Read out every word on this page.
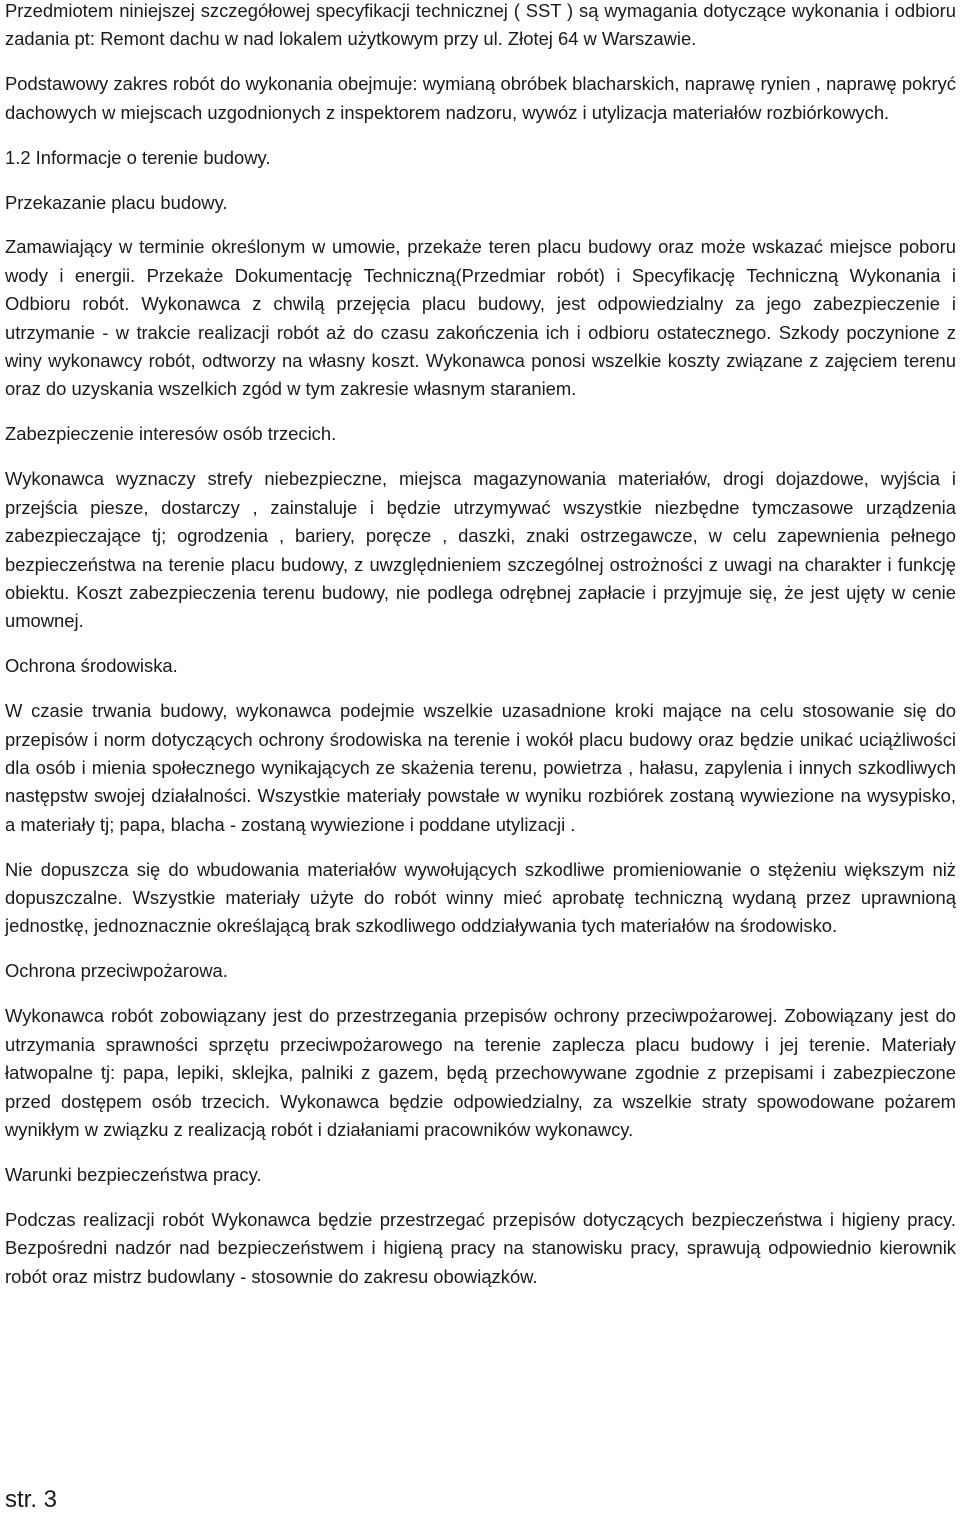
Przedmiotem niniejszej szczegółowej specyfikacji technicznej ( SST ) są wymagania dotyczące wykonania i odbioru zadania pt: Remont dachu w nad lokalem użytkowym przy ul. Złotej 64 w Warszawie.

Podstawowy zakres robót do wykonania obejmuje: wymianą obróbek blacharskich, naprawę rynien , naprawę pokryć dachowych w miejscach uzgodnionych z inspektorem nadzoru, wywóz i utylizacja materiałów rozbiórkowych.

1.2 Informacje o terenie budowy.

Przekazanie placu budowy.

Zamawiający w terminie określonym w umowie, przekaże teren placu budowy oraz może wskazać miejsce poboru wody i energii. Przekaże Dokumentację Techniczną(Przedmiar robót) i Specyfikację Techniczną Wykonania i Odbioru robót. Wykonawca z chwilą przejęcia placu budowy, jest odpowiedzialny za jego zabezpieczenie i utrzymanie - w trakcie realizacji robót aż do czasu zakończenia ich i odbioru ostatecznego. Szkody poczynione z winy wykonawcy robót, odtworzy na własny koszt. Wykonawca ponosi wszelkie koszty związane z zajęciem terenu oraz do uzyskania wszelkich zgód w tym zakresie własnym staraniem.

Zabezpieczenie interesów osób trzecich.

Wykonawca wyznaczy strefy niebezpieczne, miejsca magazynowania materiałów, drogi dojazdowe, wyjścia i przejścia piesze, dostarczy , zainstaluje i będzie utrzymywać wszystkie niezbędne tymczasowe urządzenia zabezpieczające tj; ogrodzenia , bariery, poręcze , daszki, znaki ostrzegawcze, w celu zapewnienia pełnego bezpieczeństwa na terenie placu budowy, z uwzględnieniem szczególnej ostrożności z uwagi na charakter i funkcję obiektu. Koszt zabezpieczenia terenu budowy, nie podlega odrębnej zapłacie i przyjmuje się, że jest ujęty w cenie umownej.

Ochrona środowiska.

W czasie trwania budowy, wykonawca podejmie wszelkie uzasadnione kroki mające na celu stosowanie się do przepisów i norm dotyczących ochrony środowiska na terenie i wokół placu budowy oraz będzie unikać uciążliwości dla osób i mienia społecznego wynikających ze skażenia terenu, powietrza , hałasu, zapylenia i innych szkodliwych następstw swojej działalności. Wszystkie materiały powstałe w wyniku rozbiórek zostaną wywiezione na wysypisko, a materiały tj; papa, blacha - zostaną wywiezione i poddane utylizacji .

Nie dopuszcza się do wbudowania materiałów wywołujących szkodliwe promieniowanie o stężeniu większym niż dopuszczalne. Wszystkie materiały użyte do robót winny mieć aprobatę techniczną wydaną przez uprawnioną jednostkę, jednoznacznie określającą brak szkodliwego oddziaływania tych materiałów na środowisko.

Ochrona przeciwpożarowa.

Wykonawca robót zobowiązany jest do przestrzegania przepisów ochrony przeciwpożarowej. Zobowiązany jest do utrzymania sprawności sprzętu przeciwpożarowego na terenie zaplecza placu budowy i jej terenie. Materiały łatwopalne tj: papa, lepiki, sklejka, palniki z gazem, będą przechowywane zgodnie z przepisami i zabezpieczone przed dostępem osób trzecich. Wykonawca będzie odpowiedzialny, za wszelkie straty spowodowane pożarem wynikłym w związku z realizacją robót i działaniami pracowników wykonawcy.

Warunki bezpieczeństwa pracy.

Podczas realizacji robót Wykonawca będzie przestrzegać przepisów dotyczących bezpieczeństwa i higieny pracy. Bezpośredni nadzór nad bezpieczeństwem i higieną pracy na stanowisku pracy, sprawują odpowiednio kierownik robót oraz mistrz budowlany - stosownie do zakresu obowiązków.

str. 3
